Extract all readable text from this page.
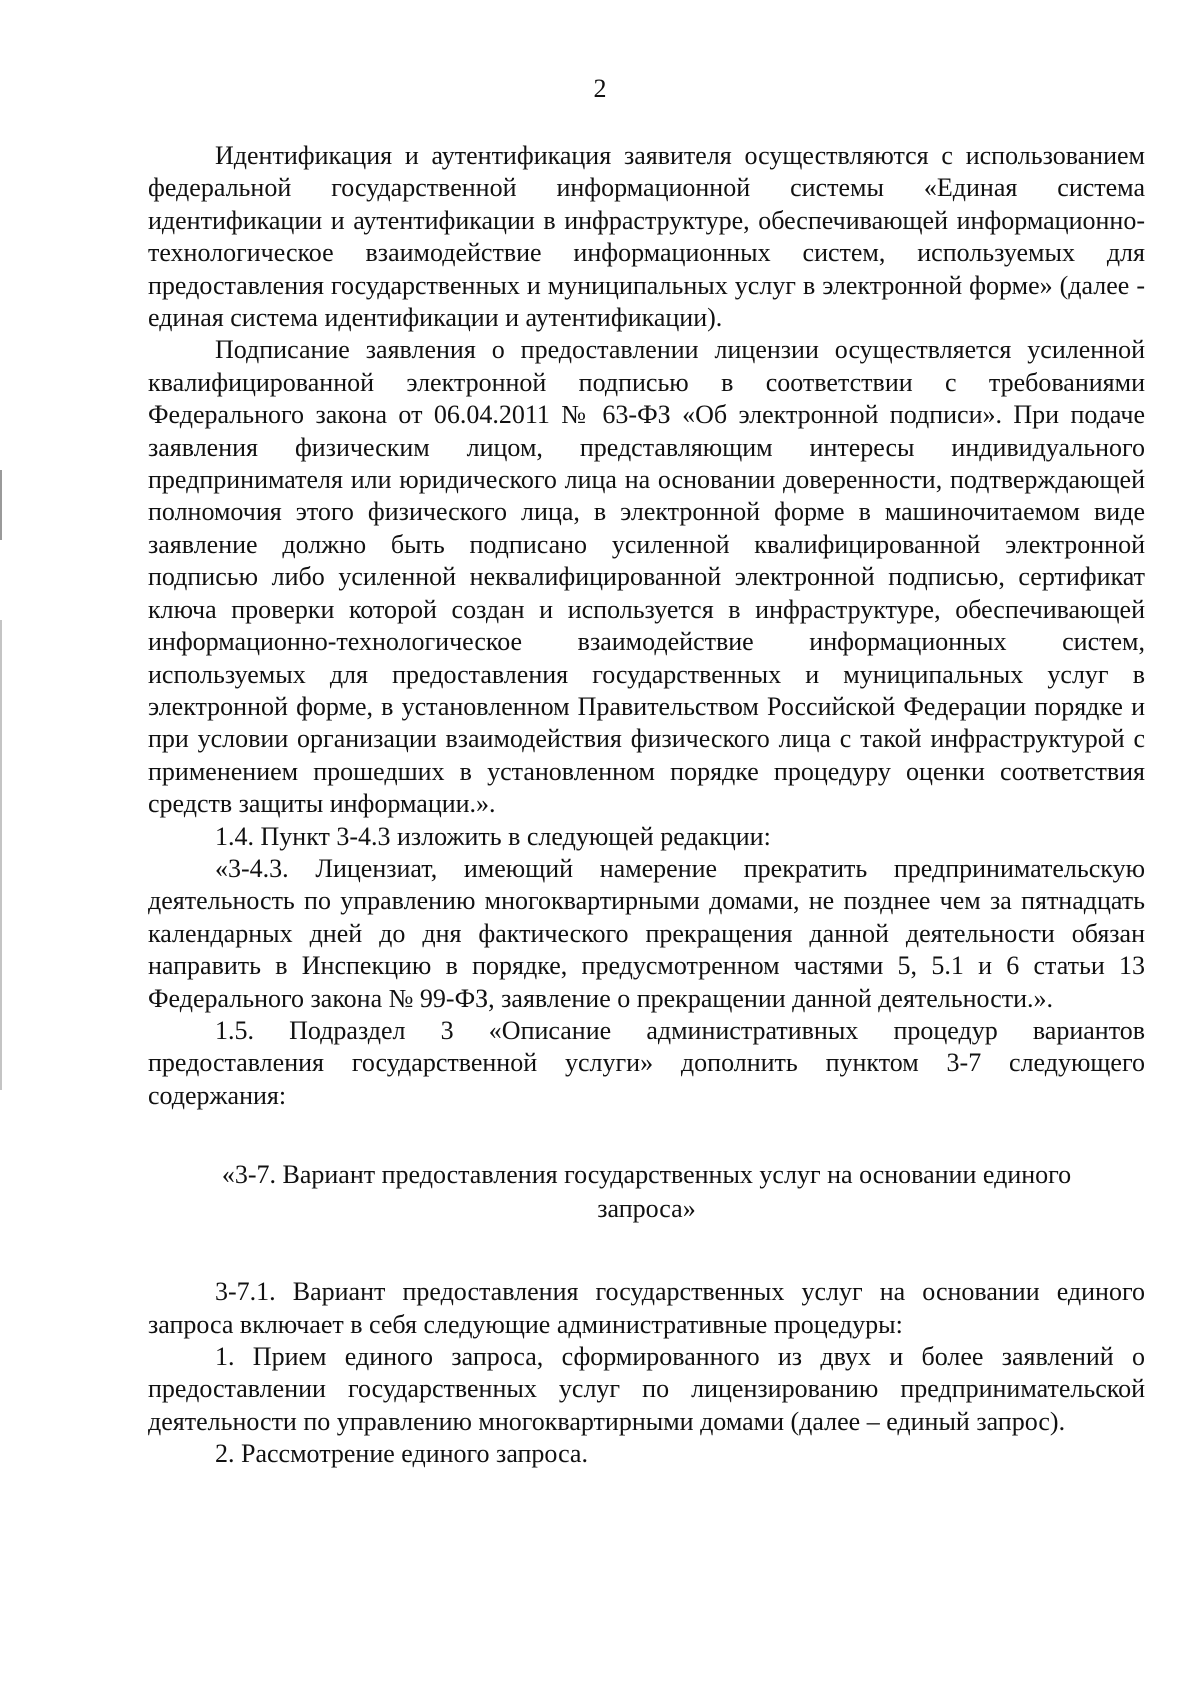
2

Идентификация и аутентификация заявителя осуществляются с использованием федеральной государственной информационной системы «Единая система идентификации и аутентификации в инфраструктуре, обеспечивающей информационно-технологическое взаимодействие информационных систем, используемых для предоставления государственных и муниципальных услуг в электронной форме» (далее - единая система идентификации и аутентификации).

Подписание заявления о предоставлении лицензии осуществляется усиленной квалифицированной электронной подписью в соответствии с требованиями Федерального закона от 06.04.2011 № 63-ФЗ «Об электронной подписи». При подаче заявления физическим лицом, представляющим интересы индивидуального предпринимателя или юридического лица на основании доверенности, подтверждающей полномочия этого физического лица, в электронной форме в машиночитаемом виде заявление должно быть подписано усиленной квалифицированной электронной подписью либо усиленной неквалифицированной электронной подписью, сертификат ключа проверки которой создан и используется в инфраструктуре, обеспечивающей информационно-технологическое взаимодействие информационных систем, используемых для предоставления государственных и муниципальных услуг в электронной форме, в установленном Правительством Российской Федерации порядке и при условии организации взаимодействия физического лица с такой инфраструктурой с применением прошедших в установленном порядке процедуру оценки соответствия средств защиты информации.».

1.4. Пункт 3-4.3 изложить в следующей редакции:

«3-4.3. Лицензиат, имеющий намерение прекратить предпринимательскую деятельность по управлению многоквартирными домами, не позднее чем за пятнадцать календарных дней до дня фактического прекращения данной деятельности обязан направить в Инспекцию в порядке, предусмотренном частями 5, 5.1 и 6 статьи 13 Федерального закона № 99-ФЗ, заявление о прекращении данной деятельности.».

1.5. Подраздел 3 «Описание административных процедур вариантов предоставления государственной услуги» дополнить пунктом 3-7 следующего содержания:

«3-7. Вариант предоставления государственных услуг на основании единого
запроса»

3-7.1. Вариант предоставления государственных услуг на основании единого запроса включает в себя следующие административные процедуры:

1. Прием единого запроса, сформированного из двух и более заявлений о предоставлении государственных услуг по лицензированию предпринимательской деятельности по управлению многоквартирными домами (далее – единый запрос).

2. Рассмотрение единого запроса.
